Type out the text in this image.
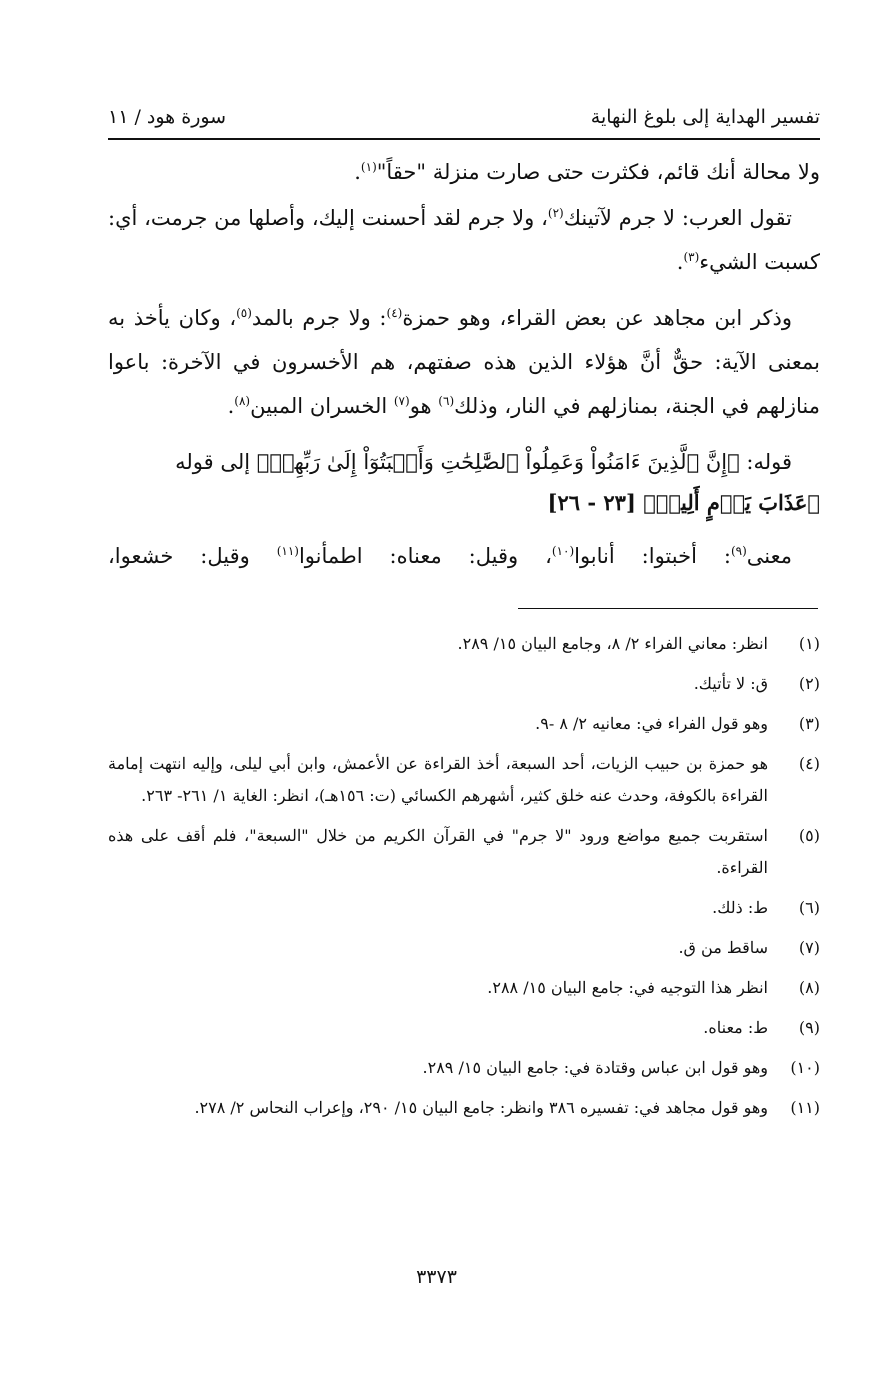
تفسير الهداية إلى بلوغ النهاية
سورة هود / ١١

ولا محالة أنك قائم، فكثرت حتى صارت منزلة "حقاً"$^{(١)}$.

تقول العرب: لا جرم لآتينك$^{(٢)}$، ولا جرم لقد أحسنت إليك، وأصلها من جرمت، أي: كسبت الشيء$^{(٣)}$.

وذكر ابن مجاهد عن بعض القراء، وهو حمزة$^{(٤)}$: ولا جرم بالمد$^{(٥)}$، وكان يأخذ به بمعنى الآية: حقٌّ أنَّ هؤلاء الذين هذه صفتهم، هم الأخسرون في الآخرة: باعوا منازلهم في الجنة، بمنازلهم في النار، وذلك$^{(٦)}$ هو$^{(٧)}$ الخسران المبين$^{(٨)}$.

قوله: ﴿إِنَّ ٱلَّذِينَ ءَامَنُواْ وَعَمِلُواْ ٱلصَّٰلِحَٰتِ وَأَخۡبَتُوٓاْ إِلَىٰ رَبِّهِمۡ﴾ إلى قوله

﴿عَذَابَ يَوۡمٍ أَلِيمٖ﴾ [٢٣ - ٢٦]

معنى$^{(٩)}$: أخبتوا: أنابوا$^{(١٠)}$، وقيل: معناه: اطمأنوا$^{(١١)}$ وقيل: خشعوا،

(١)
انظر: معاني الفراء ٢/ ٨، وجامع البيان ١٥/ ٢٨٩.
(٢)
ق: لا تأتيك.
(٣)
وهو قول الفراء في: معانيه ٢/ ٨ -٩.
(٤)
هو حمزة بن حبيب الزيات، أحد السبعة، أخذ القراءة عن الأعمش، وابن أبي ليلى، وإليه انتهت إمامة القراءة بالكوفة، وحدث عنه خلق كثير، أشهرهم الكسائي (ت: ١٥٦هـ)، انظر: الغاية ١/ ٢٦١- ٢٦٣.
(٥)
استقربت جميع مواضع ورود "لا جرم" في القرآن الكريم من خلال "السبعة"، فلم أقف على هذه القراءة.
(٦)
ط: ذلك.
(٧)
ساقط من ق.
(٨)
انظر هذا التوجيه في: جامع البيان ١٥/ ٢٨٨.
(٩)
ط: معناه.
(١٠)
وهو قول ابن عباس وقتادة في: جامع البيان ١٥/ ٢٨٩.
(١١)
وهو قول مجاهد في: تفسيره ٣٨٦ وانظر: جامع البيان ١٥/ ٢٩٠، وإعراب النحاس ٢/ ٢٧٨.
٣٣٧٣
